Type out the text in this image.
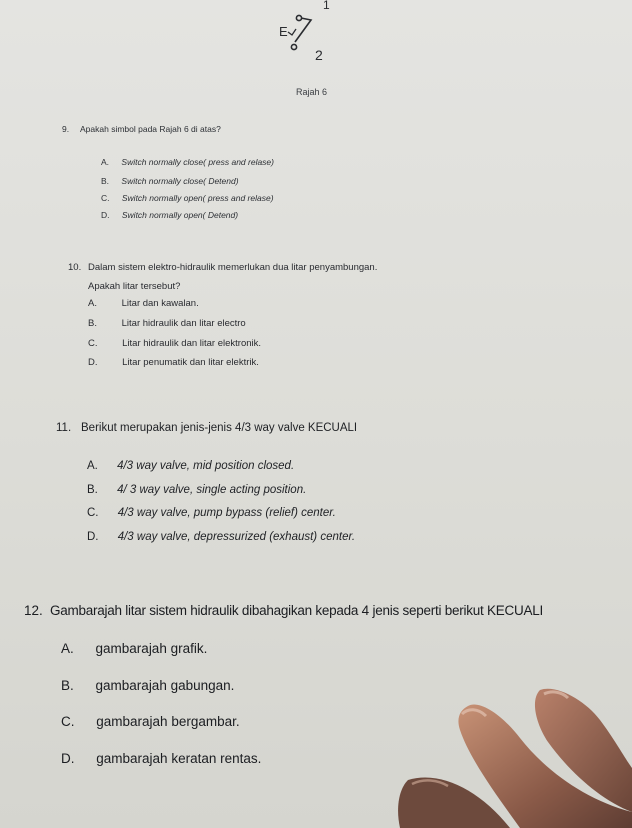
E
1
2
Rajah 6
9. Apakah simbol pada Rajah 6 di atas?
A. Switch normally close( press and relase)
B. Switch normally close( Detend)
C. Switch normally open( press and relase)
D. Switch normally open( Detend)
10. Dalam sistem elektro-hidraulik memerlukan dua litar penyambungan.
Apakah litar tersebut?
A.	Litar dan kawalan.
B.	Litar hidraulik dan litar electro
C.	Litar hidraulik dan litar elektronik.
D.	Litar penumatik dan litar elektrik.
11. Berikut merupakan jenis-jenis 4/3 way valve KECUALI
A. 4/3 way valve, mid position closed.
B. 4/ 3 way valve, single acting position.
C. 4/3 way valve, pump bypass (relief) center.
D. 4/3 way valve, depressurized (exhaust) center.
12. Gambarajah litar sistem hidraulik dibahagikan kepada 4 jenis seperti berikut KECUALI
A. gambarajah grafik.
B. gambarajah gabungan.
C. gambarajah bergambar.
D. gambarajah keratan rentas.
